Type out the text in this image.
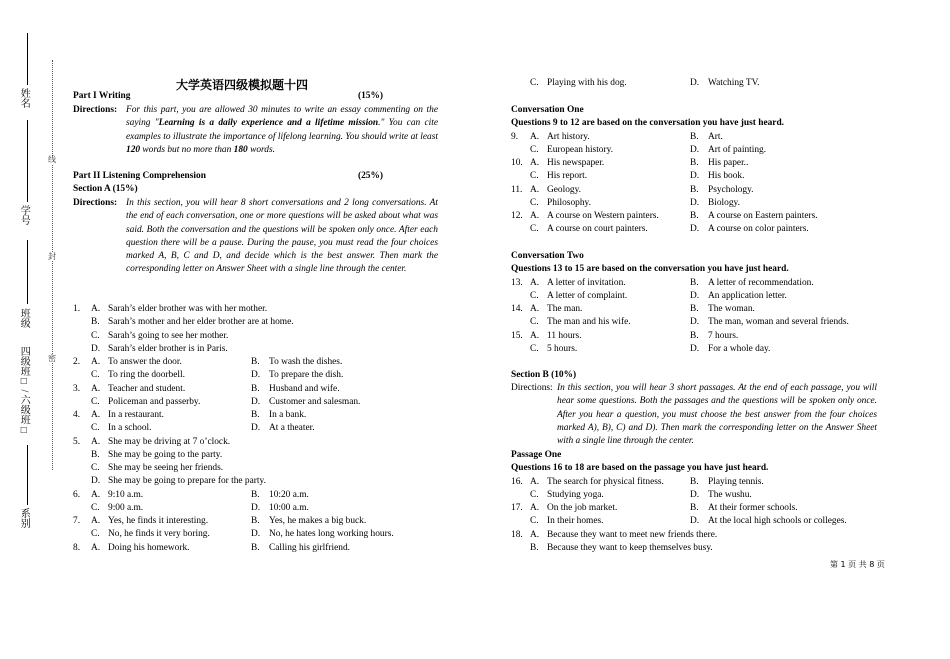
姓名
学号
班级
四级班□ / 六级班□
系别
线
封
密
大学英语四级模拟题十四
Part I Writing	(15%)
Directions: For this part, you are allowed 30 minutes to write an essay commenting on the saying "Learning is a daily experience and a lifetime mission." You can cite examples to illustrate the importance of lifelong learning. You should write at least 120 words but no more than 180 words.
Part II Listening Comprehension	(25%)
Section A (15%)
Directions: In this section, you will hear 8 short conversations and 2 long conversations. At the end of each conversation, one or more questions will be asked about what was said. Both the conversation and the questions will be spoken only once. After each question there will be a pause. During the pause, you must read the four choices marked A, B, C and D, and decide which is the best answer. Then mark the corresponding letter on Answer Sheet with a single line through the center.
1. A. Sarah’s elder brother was with her mother.
B. Sarah’s mother and her elder brother are at home.
C. Sarah’s going to see her mother.
D. Sarah’s elder brother is in Paris.
2. A. To answer the door.	B. To wash the dishes.
C. To ring the doorbell.	D. To prepare the dish.
3. A. Teacher and student.	B. Husband and wife.
C. Policeman and passerby.	D. Customer and salesman.
4. A. In a restaurant.	B. In a bank.
C. In a school.	D. At a theater.
5. A. She may be driving at 7 o’clock.
B. She may be going to the party.
C. She may be seeing her friends.
D. She may be going to prepare for the party.
6. A. 9:10 a.m.	B. 10:20 a.m.
C. 9:00 a.m.	D. 10:00 a.m.
7. A. Yes, he finds it interesting.	B. Yes, he makes a big buck.
C. No, he finds it very boring.	D. No, he hates long working hours.
8. A. Doing his homework.	B. Calling his girlfriend.
C. Playing with his dog.	D. Watching TV.
Conversation One
Questions 9 to 12 are based on the conversation you have just heard.
9. A. Art history.	B. Art.
C. European history.	D. Art of painting.
10. A. His newspaper.	B. His paper..
C. His report.	D. His book.
11. A. Geology.	B. Psychology.
C. Philosophy.	D. Biology.
12. A. A course on Western painters.	B. A course on Eastern painters.
C. A course on court painters.	D. A course on color painters.
Conversation Two
Questions 13 to 15 are based on the conversation you have just heard.
13. A. A letter of invitation.	B. A letter of recommendation.
C. A letter of complaint.	D. An application letter.
14. A. The man.	B. The woman.
C. The man and his wife.	D. The man, woman and several friends.
15. A. 11 hours.	B. 7 hours.
C. 5 hours.	D. For a whole day.
Section B (10%)
Directions: In this section, you will hear 3 short passages. At the end of each passage, you will hear some questions. Both the passages and the questions will be spoken only once. After you hear a question, you must choose the best answer from the four choices marked A), B), C) and D). Then mark the corresponding letter on the Answer Sheet with a single line through the center.
Passage One
Questions 16 to 18 are based on the passage you have just heard.
16. A. The search for physical fitness.	B. Playing tennis.
C. Studying yoga.	D. The wushu.
17. A. On the job market.	B. At their former schools.
C. In their homes.	D. At the local high schools or colleges.
18. A. Because they want to meet new friends there.
B. Because they want to keep themselves busy.
第 1 页 共 8 页
